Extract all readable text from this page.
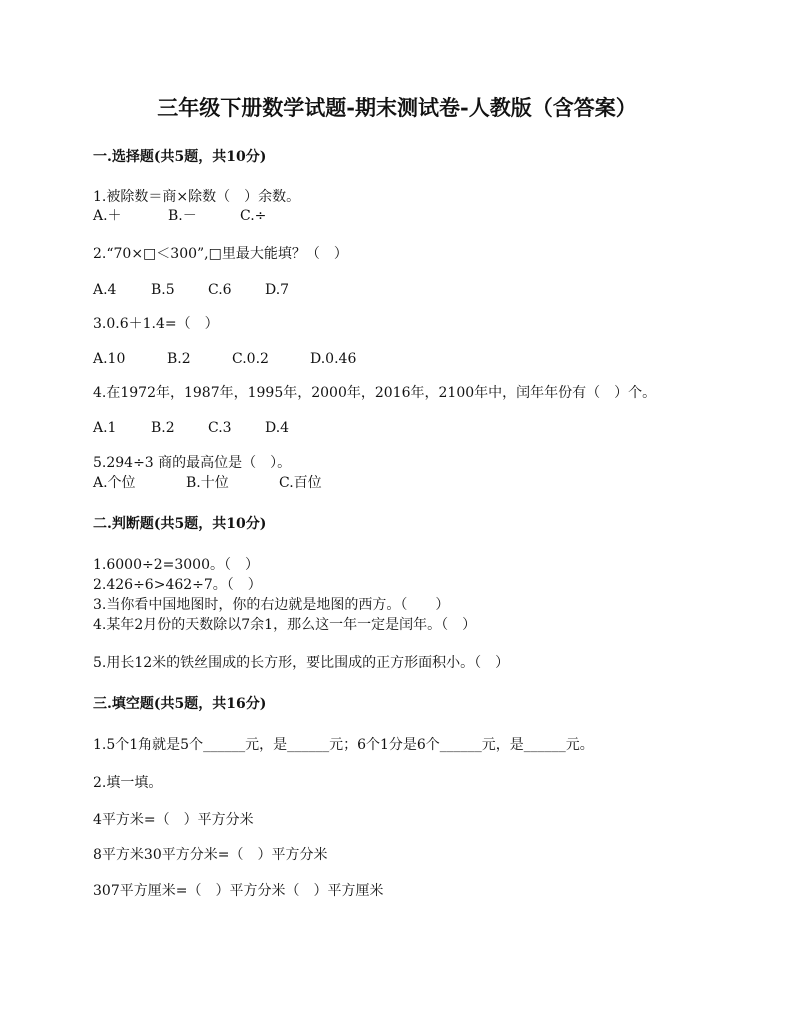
三年级下册数学试题-期末测试卷-人教版（含答案）
一.选择题(共5题，共10分)
1.被除数＝商×除数（　）余数。
A.＋	B.－	C.÷
2.“70×□＜300”,□里最大能填？（　）
A.4 B.5 C.6 D.7
3.0.6＋1.4=（　）
A.10	B.2	C.0.2	D.0.46
4.在1972年，1987年，1995年，2000年，2016年，2100年中，闰年年份有（　）个。
A.1 B.2 C.3 D.4
5.294÷3 商的最高位是（　）。
A.个位	B.十位	C.百位
二.判断题(共5题，共10分)
1.6000÷2=3000。（　）
2.426÷6>462÷7。（　）
3.当你看中国地图时，你的右边就是地图的西方。（　　）
4.某年2月份的天数除以7余1，那么这一年一定是闰年。（　）
5.用长12米的铁丝围成的长方形，要比围成的正方形面积小。（　）
三.填空题(共5题，共16分)
1.5个1角就是5个______元，是______元；6个1分是6个______元，是______元。
2.填一填。
4平方米=（　）平方分米
8平方米30平方分米=（　）平方分米
307平方厘米=（　）平方分米（　）平方厘米
